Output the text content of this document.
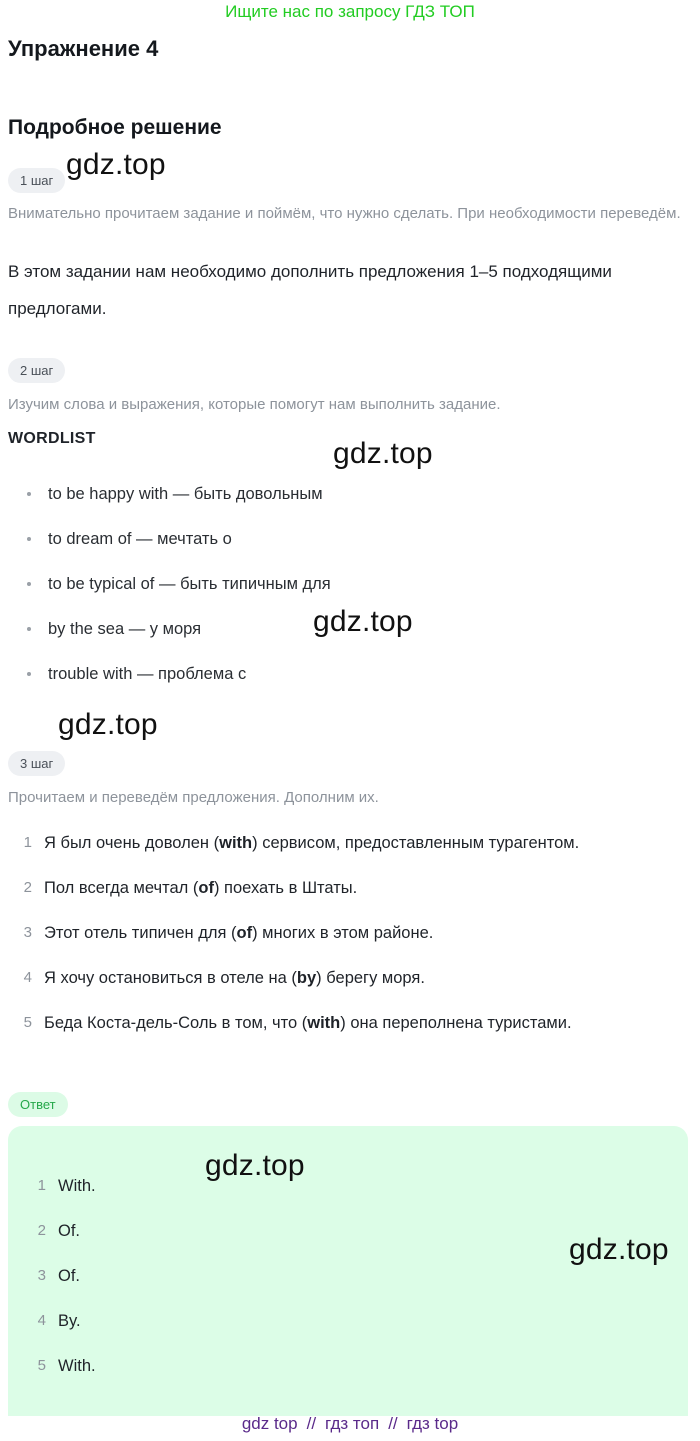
Ищите нас по запросу ГДЗ ТОП
Упражнение 4
Подробное решение
1 шаг gdz.top
Внимательно прочитаем задание и поймём, что нужно сделать. При необходимости переведём.
В этом задании нам необходимо дополнить предложения 1–5 подходящими предлогами.
2 шаг
Изучим слова и выражения, которые помогут нам выполнить задание.
WORDLIST	gdz.top
to be happy with — быть довольным
to dream of — мечтать о
to be typical of — быть типичным для
by the sea — у моря
trouble with — проблема с
gdz.top
gdz.top
3 шаг
Прочитаем и переведём предложения. Дополним их.
1 Я был очень доволен (with) сервисом, предоставленным турагентом.
2 Пол всегда мечтал (of) поехать в Штаты.
3 Этот отель типичен для (of) многих в этом районе.
4 Я хочу остановиться в отеле на (by) берегу моря.
5 Беда Коста-дель-Соль в том, что (with) она переполнена туристами.
Ответ
gdz.top
gdz.top
1 With.
2 Of.
3 Of.
4 By.
5 With.
gdz top // гдз топ // гдз top
